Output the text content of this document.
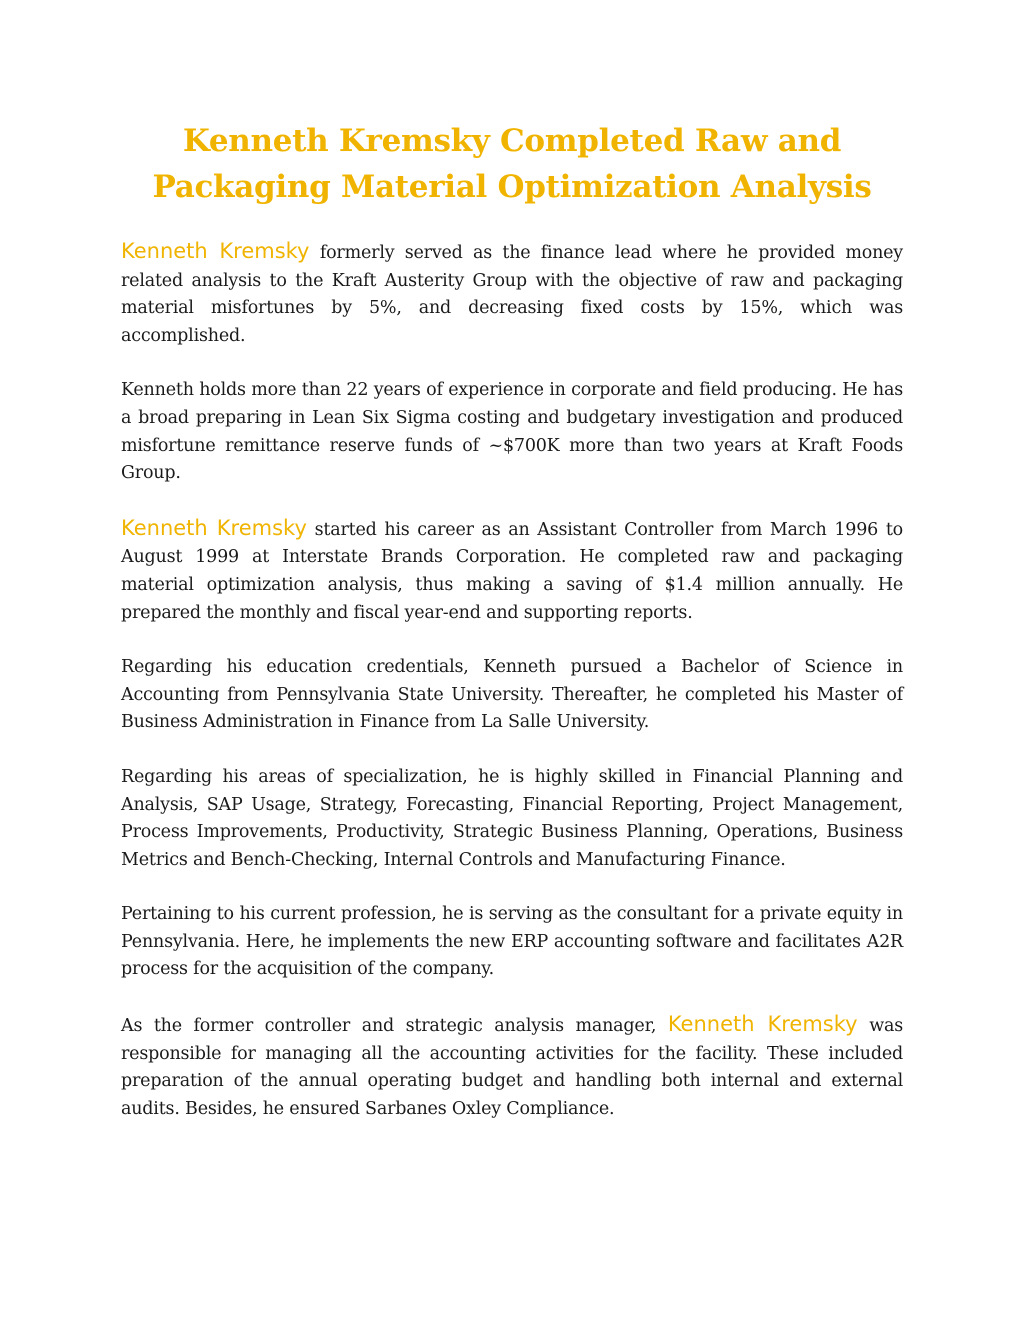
Kenneth Kremsky Completed Raw and Packaging Material Optimization Analysis

Kenneth Kremsky formerly served as the finance lead where he provided money related analysis to the Kraft Austerity Group with the objective of raw and packaging material misfortunes by 5%, and decreasing fixed costs by 15%, which was accomplished.

Kenneth holds more than 22 years of experience in corporate and field producing. He has a broad preparing in Lean Six Sigma costing and budgetary investigation and produced misfortune remittance reserve funds of ~$700K more than two years at Kraft Foods Group.

Kenneth Kremsky started his career as an Assistant Controller from March 1996 to August 1999 at Interstate Brands Corporation. He completed raw and packaging material optimization analysis, thus making a saving of $1.4 million annually. He prepared the monthly and fiscal year-end and supporting reports.

Regarding his education credentials, Kenneth pursued a Bachelor of Science in Accounting from Pennsylvania State University. Thereafter, he completed his Master of Business Administration in Finance from La Salle University.

Regarding his areas of specialization, he is highly skilled in Financial Planning and Analysis, SAP Usage, Strategy, Forecasting, Financial Reporting, Project Management, Process Improvements, Productivity, Strategic Business Planning, Operations, Business Metrics and Bench-Checking, Internal Controls and Manufacturing Finance.

Pertaining to his current profession, he is serving as the consultant for a private equity in Pennsylvania. Here, he implements the new ERP accounting software and facilitates A2R process for the acquisition of the company.

As the former controller and strategic analysis manager, Kenneth Kremsky was responsible for managing all the accounting activities for the facility. These included preparation of the annual operating budget and handling both internal and external audits. Besides, he ensured Sarbanes Oxley Compliance.
